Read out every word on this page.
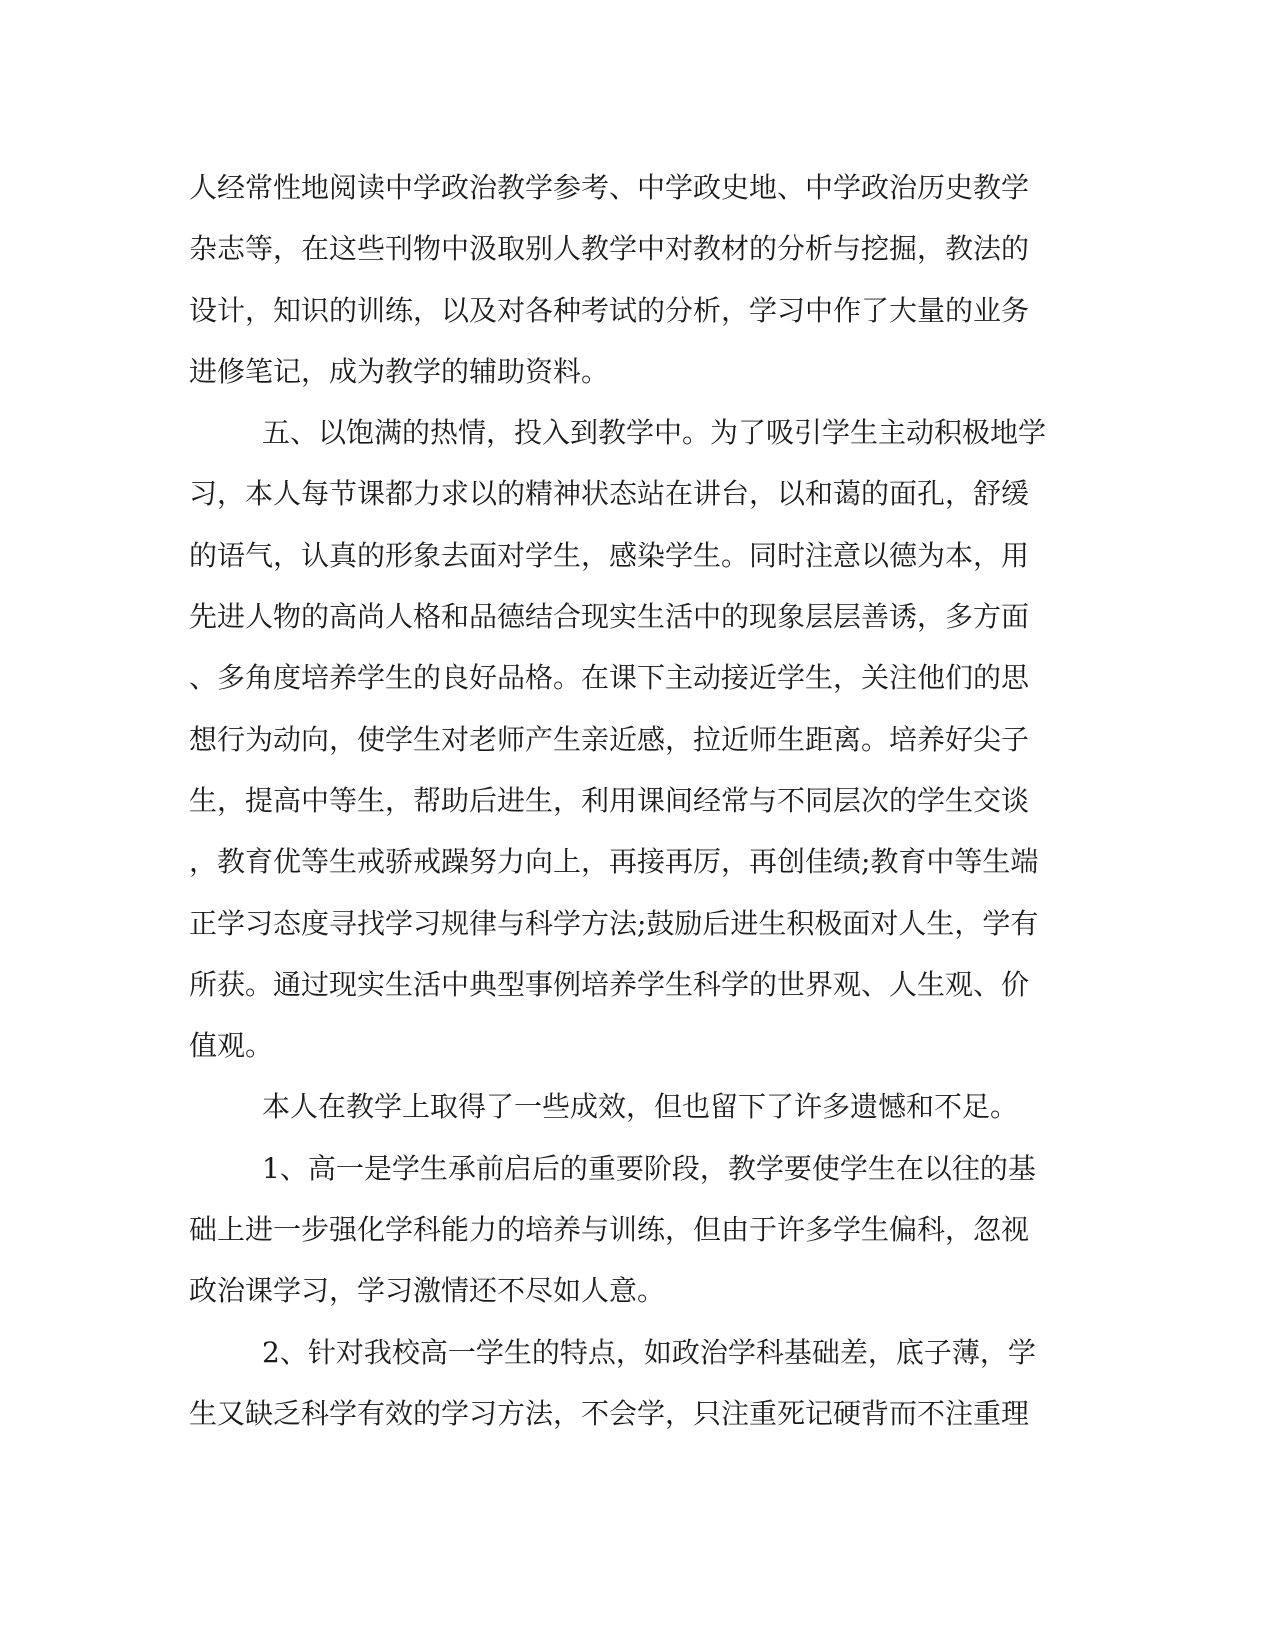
人经常性地阅读中学政治教学参考、中学政史地、中学政治历史教学
杂志等，在这些刊物中汲取别人教学中对教材的分析与挖掘，教法的
设计，知识的训练，以及对各种考试的分析，学习中作了大量的业务
进修笔记，成为教学的辅助资料。
五、以饱满的热情，投入到教学中。为了吸引学生主动积极地学
习，本人每节课都力求以的精神状态站在讲台，以和蔼的面孔，舒缓
的语气，认真的形象去面对学生，感染学生。同时注意以德为本，用
先进人物的高尚人格和品德结合现实生活中的现象层层善诱，多方面
、多角度培养学生的良好品格。在课下主动接近学生，关注他们的思
想行为动向，使学生对老师产生亲近感，拉近师生距离。培养好尖子
生，提高中等生，帮助后进生，利用课间经常与不同层次的学生交谈
，教育优等生戒骄戒躁努力向上，再接再厉，再创佳绩;教育中等生端
正学习态度寻找学习规律与科学方法;鼓励后进生积极面对人生，学有
所获。通过现实生活中典型事例培养学生科学的世界观、人生观、价
值观。
本人在教学上取得了一些成效，但也留下了许多遗憾和不足。
1、高一是学生承前启后的重要阶段，教学要使学生在以往的基
础上进一步强化学科能力的培养与训练，但由于许多学生偏科，忽视
政治课学习，学习激情还不尽如人意。
2、针对我校高一学生的特点，如政治学科基础差，底子薄，学
生又缺乏科学有效的学习方法，不会学，只注重死记硬背而不注重理
